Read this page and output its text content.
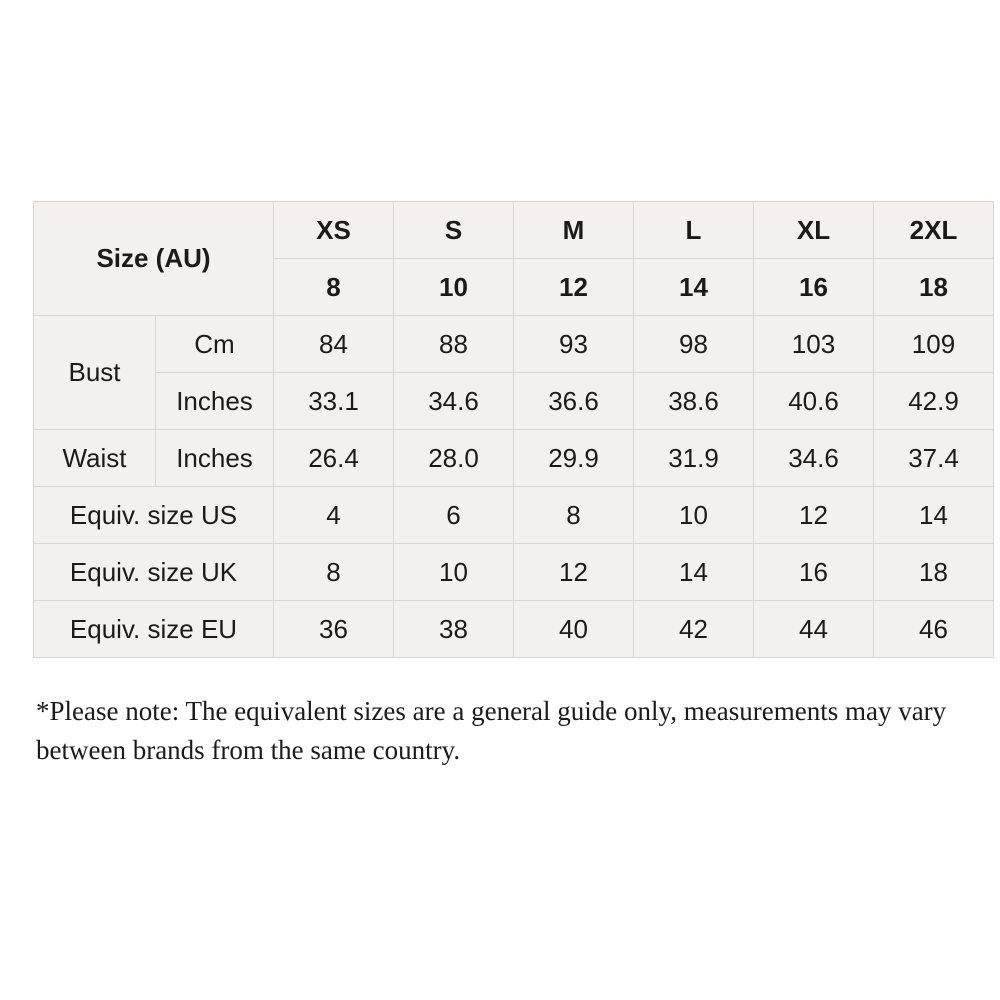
Size (AU)		XS	S	M	L	XL	2XL
		8	10	12	14	16	18
Bust	Cm	84	88	93	98	103	109
	Inches	33.1	34.6	36.6	38.6	40.6	42.9
Waist	Inches	26.4	28.0	29.9	31.9	34.6	37.4
Equiv. size US		4	6	8	10	12	14
Equiv. size UK		8	10	12	14	16	18
Equiv. size EU		36	38	40	42	44	46
*Please note: The equivalent sizes are a general guide only, measurements may vary between brands from the same country.
